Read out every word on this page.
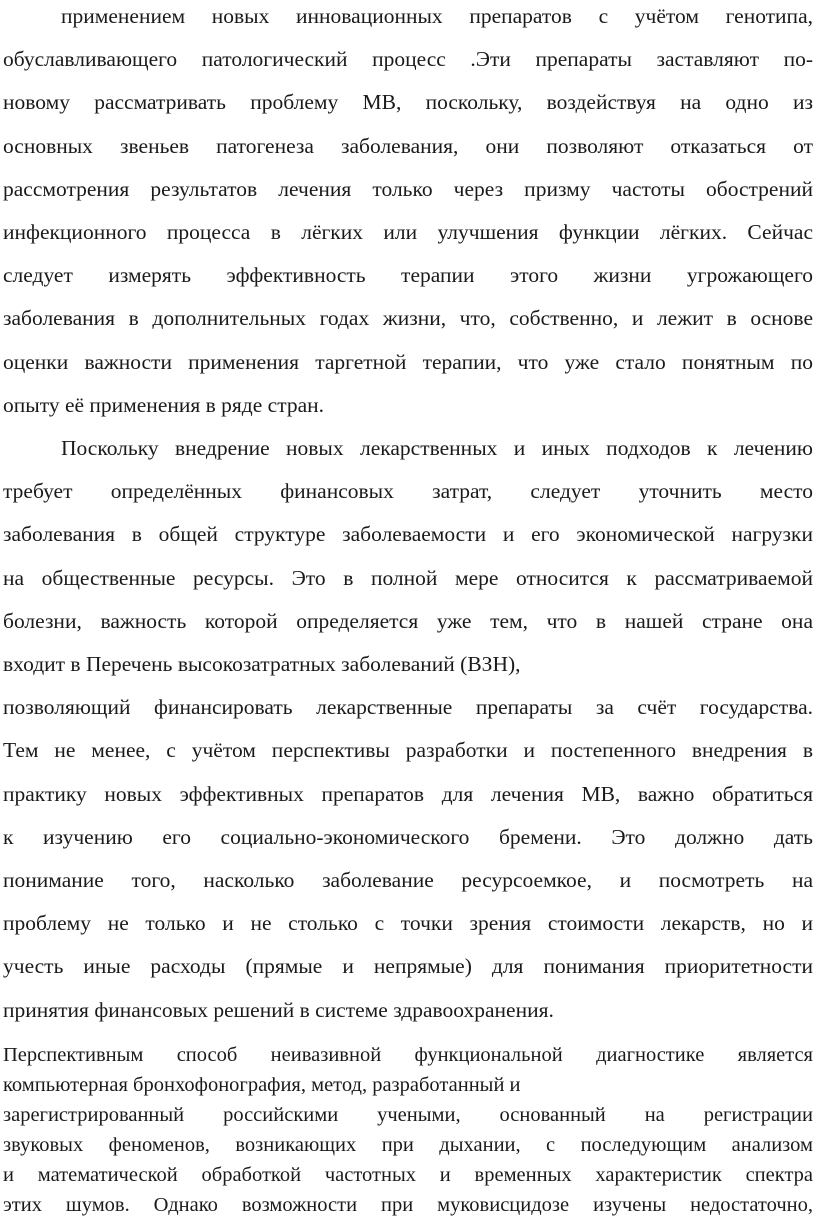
применением новых инновационных препаратов с учётом генотипа,
обуславливающего патологический процесс .Эти препараты заставляют по-
новому рассматривать проблему МВ, поскольку, воздействуя на одно из
основных звеньев патогенеза заболевания, они позволяют отказаться от
рассмотрения результатов лечения только через призму частоты обострений
инфекционного процесса в лёгких или улучшения функции лёгких. Сейчас
следует измерять эффективность терапии этого жизни угрожающего
заболевания в дополнительных годах жизни, что, собственно, и лежит в основе
оценки важности применения таргетной терапии, что уже стало понятным по
опыту её применения в ряде стран.
Поскольку внедрение новых лекарственных и иных подходов к лечению
требует определённых финансовых затрат, следует уточнить место
заболевания в общей структуре заболеваемости и его экономической нагрузки
на общественные ресурсы. Это в полной мере относится к рассматриваемой
болезни, важность которой определяется уже тем, что в нашей стране она
входит в Перечень высокозатратных заболеваний (ВЗН),
позволяющий финансировать лекарственные препараты за счёт государства.
Тем не менее, с учётом перспективы разработки и постепенного внедрения в
практику новых эффективных препаратов для лечения МВ, важно обратиться
к изучению его социально-экономического бремени. Это должно дать
понимание того, насколько заболевание ресурсоемкое, и посмотреть на
проблему не только и не столько с точки зрения стоимости лекарств, но и
учесть иные расходы (прямые и непрямые) для понимания приоритетности
принятия финансовых решений в системе здравоохранения.
Перспективным способ неивазивной функциональной диагностике является
компьютерная бронхофонография, метод, разработанный и
зарегистрированный российскими учеными, основанный на регистрации
звуковых феноменов, возникающих при дыхании, с последующим анализом
и математической обработкой частотных и временных характеристик спектра
этих шумов. Однако возможности при муковисцидозе изучены недостаточно,
